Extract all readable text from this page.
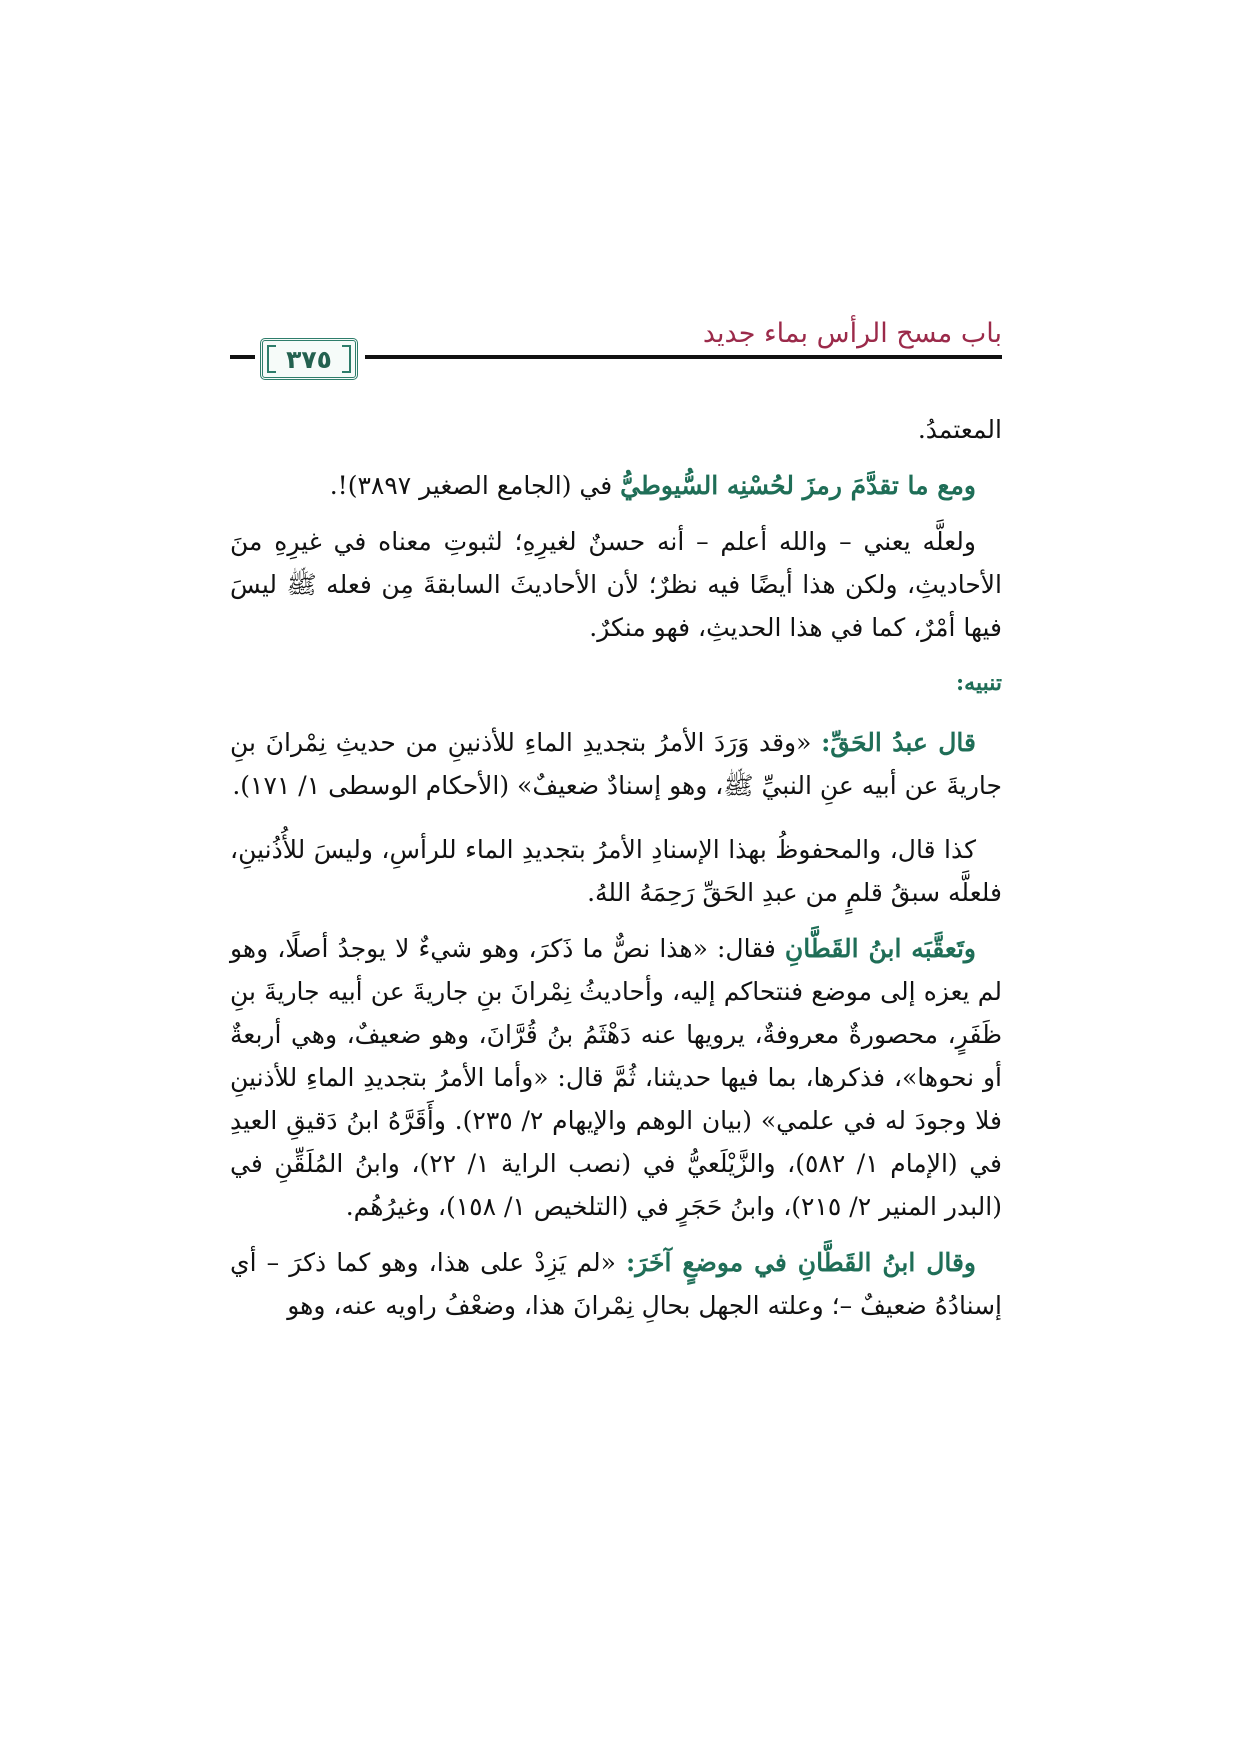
باب مسح الرأس بماء جديد
٣٧٥

المعتمدُ.

ومع ما تقدَّمَ رمزَ لحُسْنِه السُّيوطيُّ في (الجامع الصغير ٣٨٩٧)!.

ولعلَّه يعني – والله أعلم – أنه حسنٌ لغيرِهِ؛ لثبوتِ معناه في غيرِهِ منَ الأحاديثِ، ولكن هذا أيضًا فيه نظرٌ؛ لأن الأحاديثَ السابقةَ مِن فعله ﷺ ليسَ فيها أمْرٌ، كما في هذا الحديثِ، فهو منكرٌ.

تنبيه:

قال عبدُ الحَقِّ: «وقد وَرَدَ الأمرُ بتجديدِ الماءِ للأذنينِ من حديثِ نِمْرانَ بنِ جاريةَ عن أبيه عنِ النبيِّ ﷺ، وهو إسنادٌ ضعيفٌ» (الأحكام الوسطى ١/ ١٧١).

كذا قال، والمحفوظُ بهذا الإسنادِ الأمرُ بتجديدِ الماء للرأسِ، وليسَ للأُذُنينِ، فلعلَّه سبقُ قلمٍ من عبدِ الحَقِّ رَحِمَهُ اللهُ.

وتَعقَّبَه ابنُ القَطَّانِ فقال: «هذا نصٌّ ما ذَكرَ، وهو شيءٌ لا يوجدُ أصلًا، وهو لم يعزه إلى موضع فنتحاكم إليه، وأحاديثُ نِمْرانَ بنِ جاريةَ عن أبيه جاريةَ بنِ ظَفَرٍ، محصورةٌ معروفةٌ، يرويها عنه دَهْثَمُ بنُ قُرَّانَ، وهو ضعيفٌ، وهي أربعةٌ أو نحوها»، فذكرها، بما فيها حديثنا، ثُمَّ قال: «وأما الأمرُ بتجديدِ الماءِ للأذنينِ فلا وجودَ له في علمي» (بيان الوهم والإيهام ٢/ ٢٣٥). وأَقَرَّهُ ابنُ دَقيقِ العيدِ في (الإمام ١/ ٥٨٢)، والزَّيْلَعيُّ في (نصب الراية ١/ ٢٢)، وابنُ المُلَقِّنِ في (البدر المنير ٢/ ٢١٥)، وابنُ حَجَرٍ في (التلخيص ١/ ١٥٨)، وغيرُهُم.

وقال ابنُ القَطَّانِ في موضعٍ آخَرَ: «لم يَزِدْ على هذا، وهو كما ذكرَ – أي إسنادُهُ ضعيفٌ –؛ وعلته الجهل بحالِ نِمْرانَ هذا، وضعْفُ راويه عنه، وهو
